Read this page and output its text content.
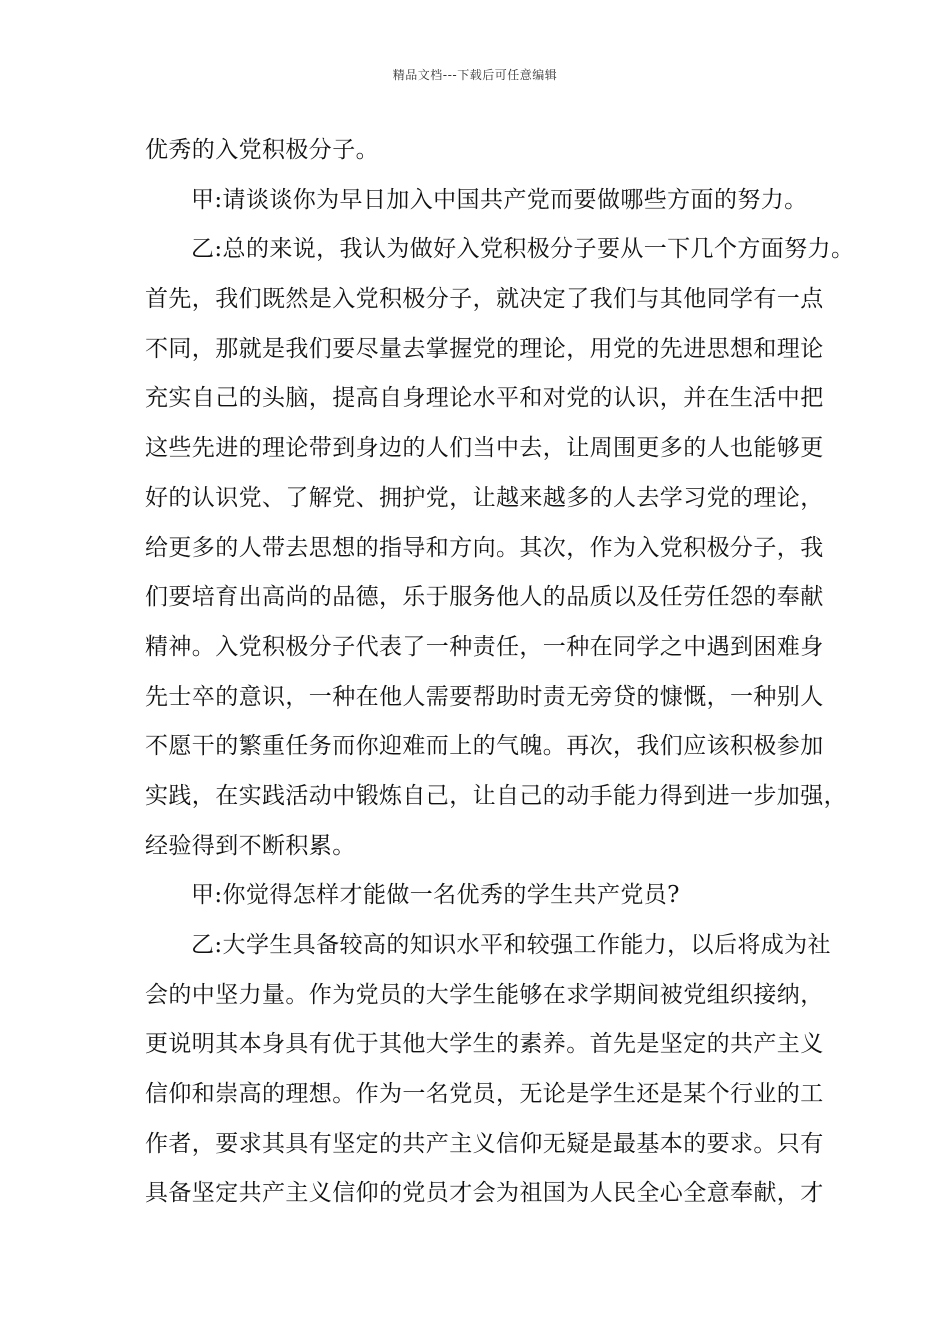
精品文档---下载后可任意编辑
优秀的入党积极分子。
甲:请谈谈你为早日加入中国共产党而要做哪些方面的努力。
乙:总的来说，我认为做好入党积极分子要从一下几个方面努力。
首先，我们既然是入党积极分子，就决定了我们与其他同学有一点
不同，那就是我们要尽量去掌握党的理论，用党的先进思想和理论
充实自己的头脑，提高自身理论水平和对党的认识，并在生活中把
这些先进的理论带到身边的人们当中去，让周围更多的人也能够更
好的认识党、了解党、拥护党，让越来越多的人去学习党的理论，
给更多的人带去思想的指导和方向。其次，作为入党积极分子，我
们要培育出高尚的品德，乐于服务他人的品质以及任劳任怨的奉献
精神。入党积极分子代表了一种责任，一种在同学之中遇到困难身
先士卒的意识，一种在他人需要帮助时责无旁贷的慷慨，一种别人
不愿干的繁重任务而你迎难而上的气魄。再次，我们应该积极参加
实践，在实践活动中锻炼自己，让自己的动手能力得到进一步加强，
经验得到不断积累。
甲:你觉得怎样才能做一名优秀的学生共产党员?
乙:大学生具备较高的知识水平和较强工作能力，以后将成为社
会的中坚力量。作为党员的大学生能够在求学期间被党组织接纳，
更说明其本身具有优于其他大学生的素养。首先是坚定的共产主义
信仰和崇高的理想。作为一名党员，无论是学生还是某个行业的工
作者，要求其具有坚定的共产主义信仰无疑是最基本的要求。只有
具备坚定共产主义信仰的党员才会为祖国为人民全心全意奉献，才
